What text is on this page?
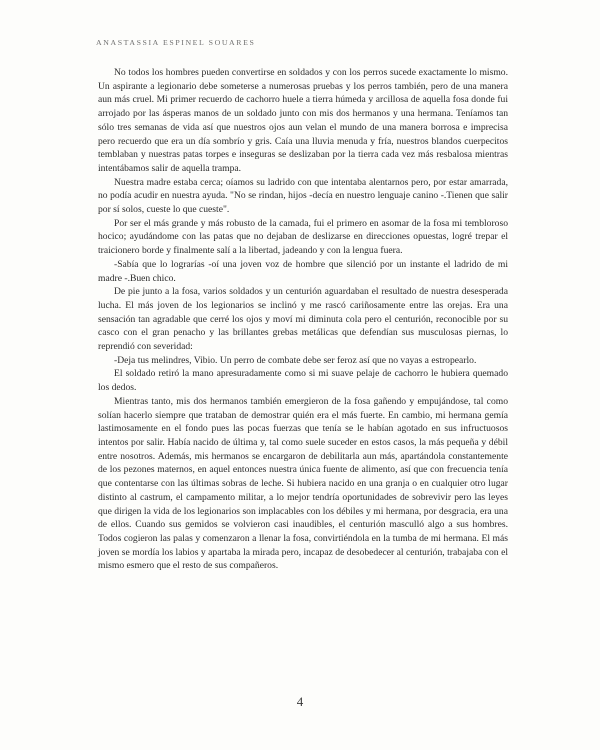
ANASTASSIA ESPINEL SOUARES

No todos los hombres pueden convertirse en soldados y con los perros sucede exactamente lo mismo. Un aspirante a legionario debe someterse a numerosas pruebas y los perros también, pero de una manera aun más cruel. Mi primer recuerdo de cachorro huele a tierra húmeda y arcillosa de aquella fosa donde fui arrojado por las ásperas manos de un soldado junto con mis dos hermanos y una hermana. Teníamos tan sólo tres semanas de vida así que nuestros ojos aun velan el mundo de una manera borrosa e imprecisa pero recuerdo que era un día sombrío y gris. Caía una lluvia menuda y fría, nuestros blandos cuerpecitos temblaban y nuestras patas torpes e inseguras se deslizaban por la tierra cada vez más resbalosa mientras intentábamos salir de aquella trampa.

Nuestra madre estaba cerca; oíamos su ladrido con que intentaba alentarnos pero, por estar amarrada, no podía acudir en nuestra ayuda. "No se rindan, hijos -decía en nuestro lenguaje canino -.Tienen que salir por sí solos, cueste lo que cueste".

Por ser el más grande y más robusto de la camada, fui el primero en asomar de la fosa mi tembloroso hocico; ayudándome con las patas que no dejaban de deslizarse en direcciones opuestas, logré trepar el traicionero borde y finalmente salí a la libertad, jadeando y con la lengua fuera.

-Sabía que lo lograrías -oí una joven voz de hombre que silenció por un instante el ladrido de mi madre -.Buen chico.

De pie junto a la fosa, varios soldados y un centurión aguardaban el resultado de nuestra desesperada lucha. El más joven de los legionarios se inclinó y me rascó cariñosamente entre las orejas. Era una sensación tan agradable que cerré los ojos y moví mi diminuta cola pero el centurión, reconocible por su casco con el gran penacho y las brillantes grebas metálicas que defendían sus musculosas piernas, lo reprendió con severidad:

-Deja tus melindres, Vibio. Un perro de combate debe ser feroz así que no vayas a estropearlo.

El soldado retiró la mano apresuradamente como si mi suave pelaje de cachorro le hubiera quemado los dedos.

Mientras tanto, mis dos hermanos también emergieron de la fosa gañendo y empujándose, tal como solían hacerlo siempre que trataban de demostrar quién era el más fuerte. En cambio, mi hermana gemía lastimosamente en el fondo pues las pocas fuerzas que tenía se le habían agotado en sus infructuosos intentos por salir. Había nacido de última y, tal como suele suceder en estos casos, la más pequeña y débil entre nosotros. Además, mis hermanos se encargaron de debilitarla aun más, apartándola constantemente de los pezones maternos, en aquel entonces nuestra única fuente de alimento, así que con frecuencia tenía que contentarse con las últimas sobras de leche. Si hubiera nacido en una granja o en cualquier otro lugar distinto al castrum, el campamento militar, a lo mejor tendría oportunidades de sobrevivir pero las leyes que dirigen la vida de los legionarios son implacables con los débiles y mi hermana, por desgracia, era una de ellos. Cuando sus gemidos se volvieron casi inaudibles, el centurión masculló algo a sus hombres. Todos cogieron las palas y comenzaron a llenar la fosa, convirtiéndola en la tumba de mi hermana. El más joven se mordía los labios y apartaba la mirada pero, incapaz de desobedecer al centurión, trabajaba con el mismo esmero que el resto de sus compañeros.

4
